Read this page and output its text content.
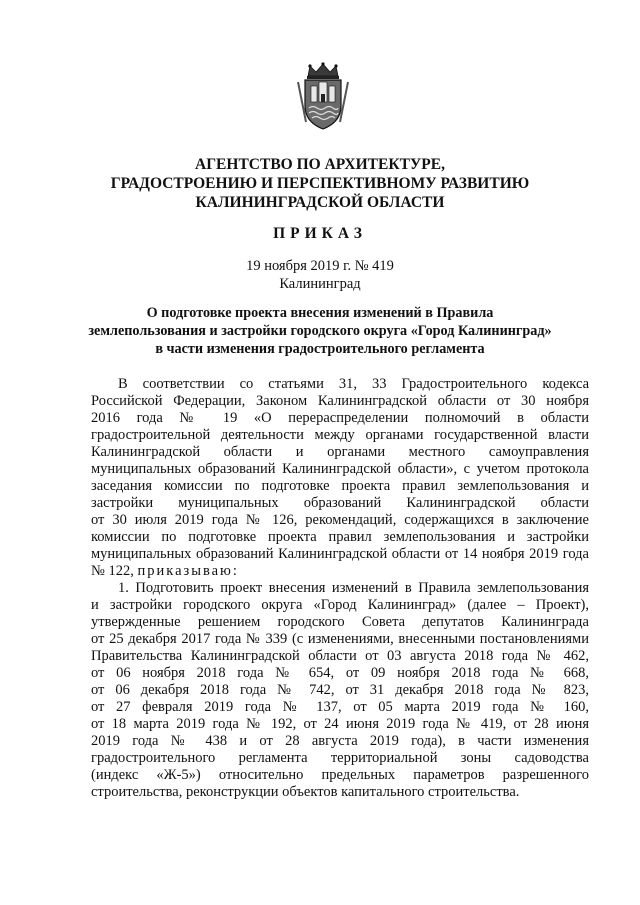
АГЕНТСТВО ПО АРХИТЕКТУРЕ,
ГРАДОСТРОЕНИЮ И ПЕРСПЕКТИВНОМУ РАЗВИТИЮ
КАЛИНИНГРАДСКОЙ ОБЛАСТИ
ПРИКАЗ
19 ноября 2019 г. № 419
Калининград
О подготовке проекта внесения изменений в Правила
землепользования и застройки городского округа «Город Калининград»
в части изменения градостроительного регламента
В соответствии со статьями 31, 33 Градостроительного кодекса
Российской Федерации, Законом Калининградской области от 30 ноября
2016 года № 19 «О перераспределении полномочий в области
градостроительной деятельности между органами государственной власти
Калининградской области и органами местного самоуправления
муниципальных образований Калининградской области», с учетом протокола
заседания комиссии по подготовке проекта правил землепользования и
застройки муниципальных образований Калининградской области
от 30 июля 2019 года № 126, рекомендаций, содержащихся в заключение
комиссии по подготовке проекта правил землепользования и застройки
муниципальных образований Калининградской области от 14 ноября 2019 года
№ 122, приказываю:
1. Подготовить проект внесения изменений в Правила землепользования
и застройки городского округа «Город Калининград» (далее – Проект),
утвержденные решением городского Совета депутатов Калининграда
от 25 декабря 2017 года № 339 (с изменениями, внесенными постановлениями
Правительства Калининградской области от 03 августа 2018 года № 462,
от 06 ноября 2018 года № 654, от 09 ноября 2018 года № 668,
от 06 декабря 2018 года № 742, от 31 декабря 2018 года № 823,
от 27 февраля 2019 года № 137, от 05 марта 2019 года № 160,
от 18 марта 2019 года № 192, от 24 июня 2019 года № 419, от 28 июня
2019 года № 438 и от 28 августа 2019 года), в части изменения
градостроительного регламента территориальной зоны садоводства
(индекс «Ж-5») относительно предельных параметров разрешенного
строительства, реконструкции объектов капитального строительства.
